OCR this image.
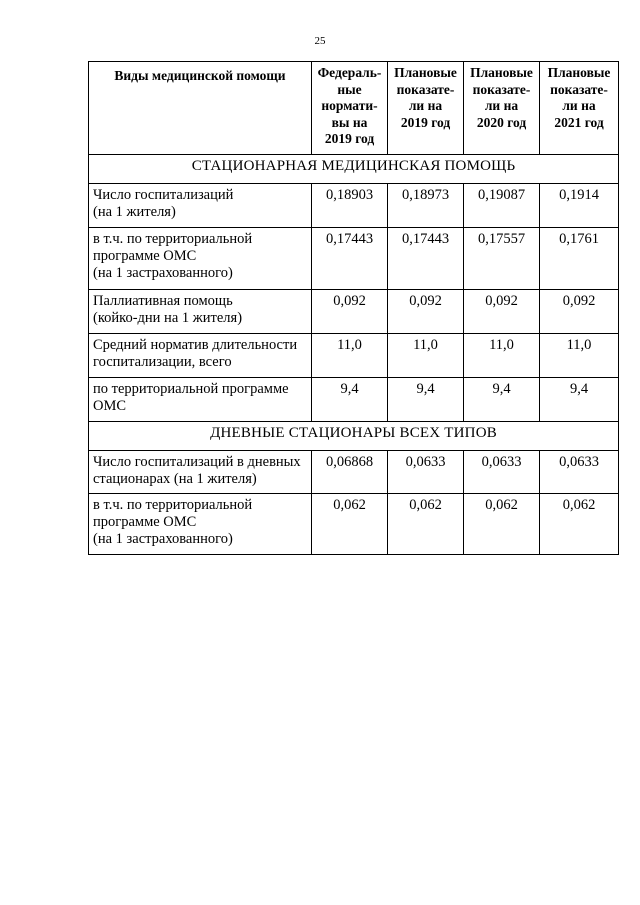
25
Виды медицинской помощи	Федераль-
ные
нормати-
вы на
2019 год	Плановые
показате-
ли на
2019 год	Плановые
показате-
ли на
2020 год	Плановые
показате-
ли на
2021 год
СТАЦИОНАРНАЯ МЕДИЦИНСКАЯ ПОМОЩЬ				
Число госпитализаций
(на 1 жителя)	0,18903	0,18973	0,19087	0,1914
в т.ч. по территориальной
программе ОМС
(на 1 застрахованного)	0,17443	0,17443	0,17557	0,1761
Паллиативная помощь
(койко-дни на 1 жителя)	0,092	0,092	0,092	0,092
Средний норматив длительности
госпитализации, всего	11,0	11,0	11,0	11,0
по территориальной программе
ОМС	9,4	9,4	9,4	9,4
ДНЕВНЫЕ СТАЦИОНАРЫ ВСЕХ ТИПОВ				
Число госпитализаций в дневных
стационарах (на 1 жителя)	0,06868	0,0633	0,0633	0,0633
в т.ч. по территориальной
программе ОМС
(на 1 застрахованного)	0,062	0,062	0,062	0,062
